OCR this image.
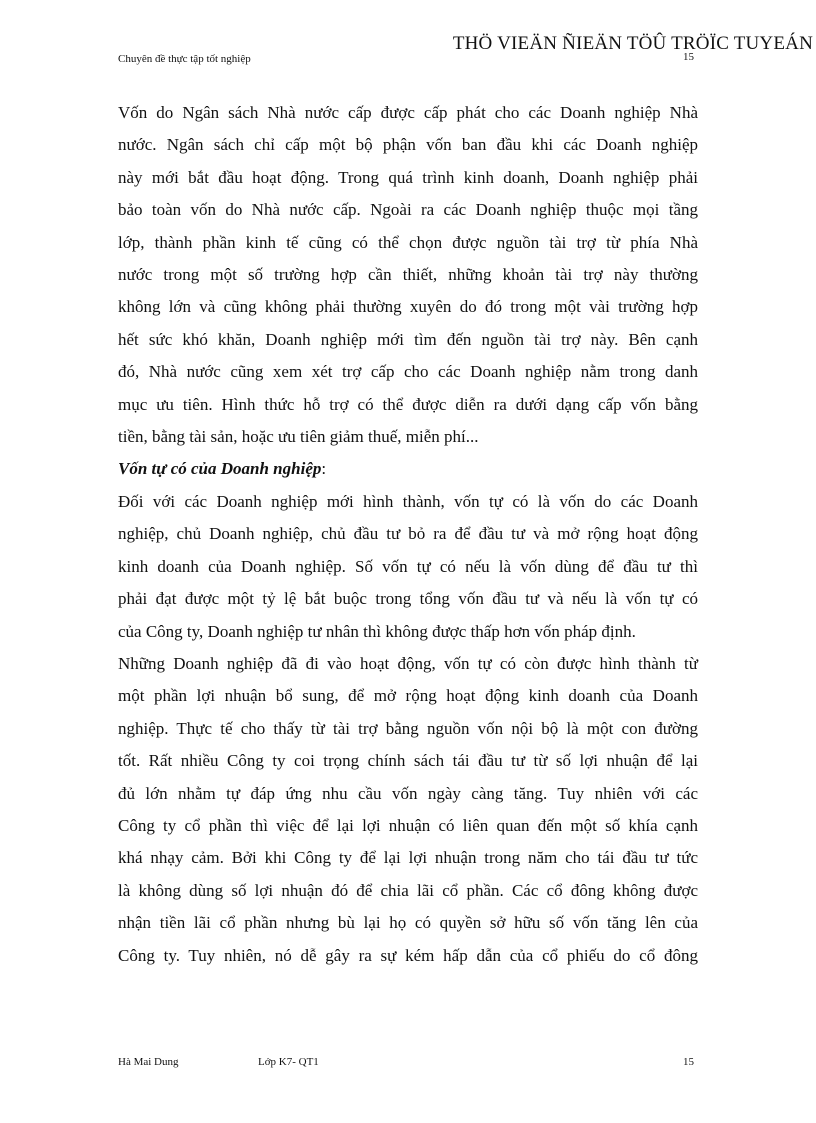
THÖ VIEÄN ÑIEÄN TÖÛ TRÖÏC TUYEÁN
Chuyên đề thực tập tốt nghiệp	15

Vốn do Ngân sách Nhà nước cấp được cấp phát cho các Doanh nghiệp Nhà

nước. Ngân sách chỉ cấp một bộ phận vốn ban đầu khi các Doanh nghiệp

này mới bắt đầu hoạt động. Trong quá trình kinh doanh, Doanh nghiệp phải

bảo toàn vốn do Nhà nước cấp. Ngoài ra các Doanh nghiệp thuộc mọi tầng

lớp, thành phần kinh tế cũng có thể chọn được nguồn tài trợ từ phía Nhà

nước trong một số trường hợp cần thiết, những khoản tài trợ này thường

không lớn và cũng không phải thường xuyên do đó trong một vài trường hợp

hết sức khó khăn, Doanh nghiệp mới tìm đến nguồn tài trợ này. Bên cạnh

đó, Nhà nước cũng xem xét trợ cấp cho các Doanh nghiệp nằm trong danh

mục ưu tiên. Hình thức hỗ trợ có thể được diễn ra dưới dạng cấp vốn bằng

tiền, bằng tài sản, hoặc ưu tiên giảm thuế, miễn phí...

Vốn tự có của Doanh nghiệp:

Đối với các Doanh nghiệp mới hình thành, vốn tự có là vốn do các Doanh

nghiệp, chủ Doanh nghiệp, chủ đầu tư bỏ ra để đầu tư và mở rộng hoạt động

kinh doanh của Doanh nghiệp. Số vốn tự có nếu là vốn dùng để đầu tư thì

phải đạt được một tỷ lệ bắt buộc trong tổng vốn đầu tư và nếu là vốn tự có

của Công ty, Doanh nghiệp tư nhân thì không được thấp hơn vốn pháp định.

Những Doanh nghiệp đã đi vào hoạt động, vốn tự có còn được hình thành từ

một phần lợi nhuận bổ sung, để mở rộng hoạt động kinh doanh của Doanh

nghiệp. Thực tế cho thấy từ tài trợ bằng nguồn vốn nội bộ là một con đường

tốt. Rất nhiều Công ty coi trọng chính sách tái đầu tư từ số lợi nhuận để lại

đủ lớn nhằm tự đáp ứng nhu cầu vốn ngày càng tăng. Tuy nhiên với các

Công ty cổ phần thì việc để lại lợi nhuận có liên quan đến một số khía cạnh

khá nhạy cảm. Bởi khi Công ty để lại lợi nhuận trong năm cho tái đầu tư tức

là không dùng số lợi nhuận đó để chia lãi cổ phần. Các cổ đông không được

nhận tiền lãi cổ phần nhưng bù lại họ có quyền sở hữu số vốn tăng lên của

Công ty. Tuy nhiên, nó dễ gây ra sự kém hấp dẫn của cổ phiếu do cổ đông

Hà Mai Dung	Lớp K7- QT1	15
